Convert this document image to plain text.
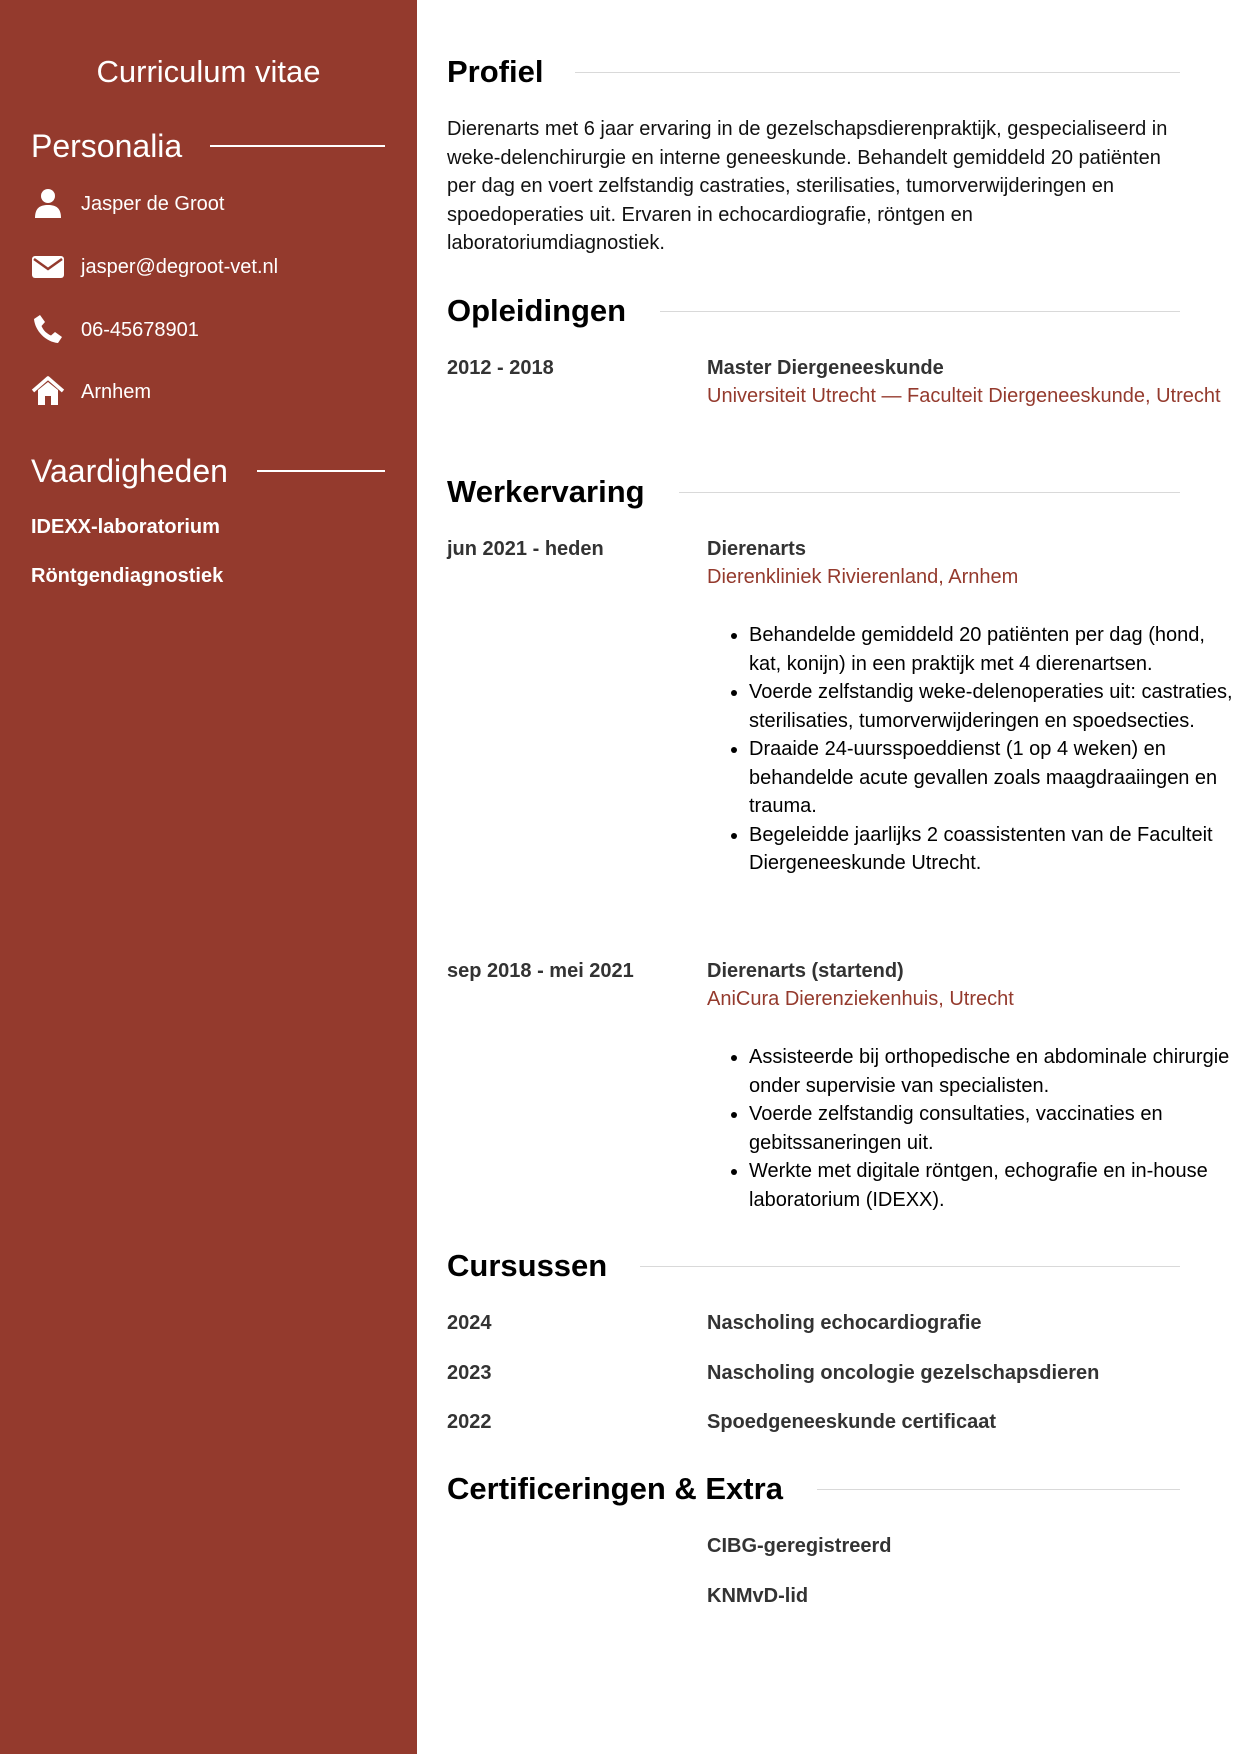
Curriculum vitae
Personalia
Jasper de Groot
jasper@degroot-vet.nl
06-45678901
Arnhem
Vaardigheden
IDEXX-laboratorium
Röntgendiagnostiek
Profiel
Dierenarts met 6 jaar ervaring in de gezelschapsdierenpraktijk, gespecialiseerd in weke-delenchirurgie en interne geneeskunde. Behandelt gemiddeld 20 patiënten per dag en voert zelfstandig castraties, sterilisaties, tumorverwijderingen en spoedoperaties uit. Ervaren in echocardiografie, röntgen en laboratoriumdiagnostiek.
Opleidingen
2012 - 2018	Master Diergeneeskunde
Universiteit Utrecht — Faculteit Diergeneeskunde, Utrecht
Werkervaring
jun 2021 - heden	Dierenarts
Dierenkliniek Rivierenland, Arnhem
• Behandelde gemiddeld 20 patiënten per dag (hond, kat, konijn) in een praktijk met 4 dierenartsen.
• Voerde zelfstandig weke-delenoperaties uit: castraties, sterilisaties, tumorverwijderingen en spoedsecties.
• Draaide 24-uursspoeddienst (1 op 4 weken) en behandelde acute gevallen zoals maagdraaiingen en trauma.
• Begeleidde jaarlijks 2 coassistenten van de Faculteit Diergeneeskunde Utrecht.
sep 2018 - mei 2021	Dierenarts (startend)
AniCura Dierenziekenhuis, Utrecht
• Assisteerde bij orthopedische en abdominale chirurgie onder supervisie van specialisten.
• Voerde zelfstandig consultaties, vaccinaties en gebitssaneringen uit.
• Werkte met digitale röntgen, echografie en in-house laboratorium (IDEXX).
Cursussen
2024	Nascholing echocardiografie
2023	Nascholing oncologie gezelschapsdieren
2022	Spoedgeneeskunde certificaat
Certificeringen & Extra
CIBG-geregistreerd
KNMvD-lid
